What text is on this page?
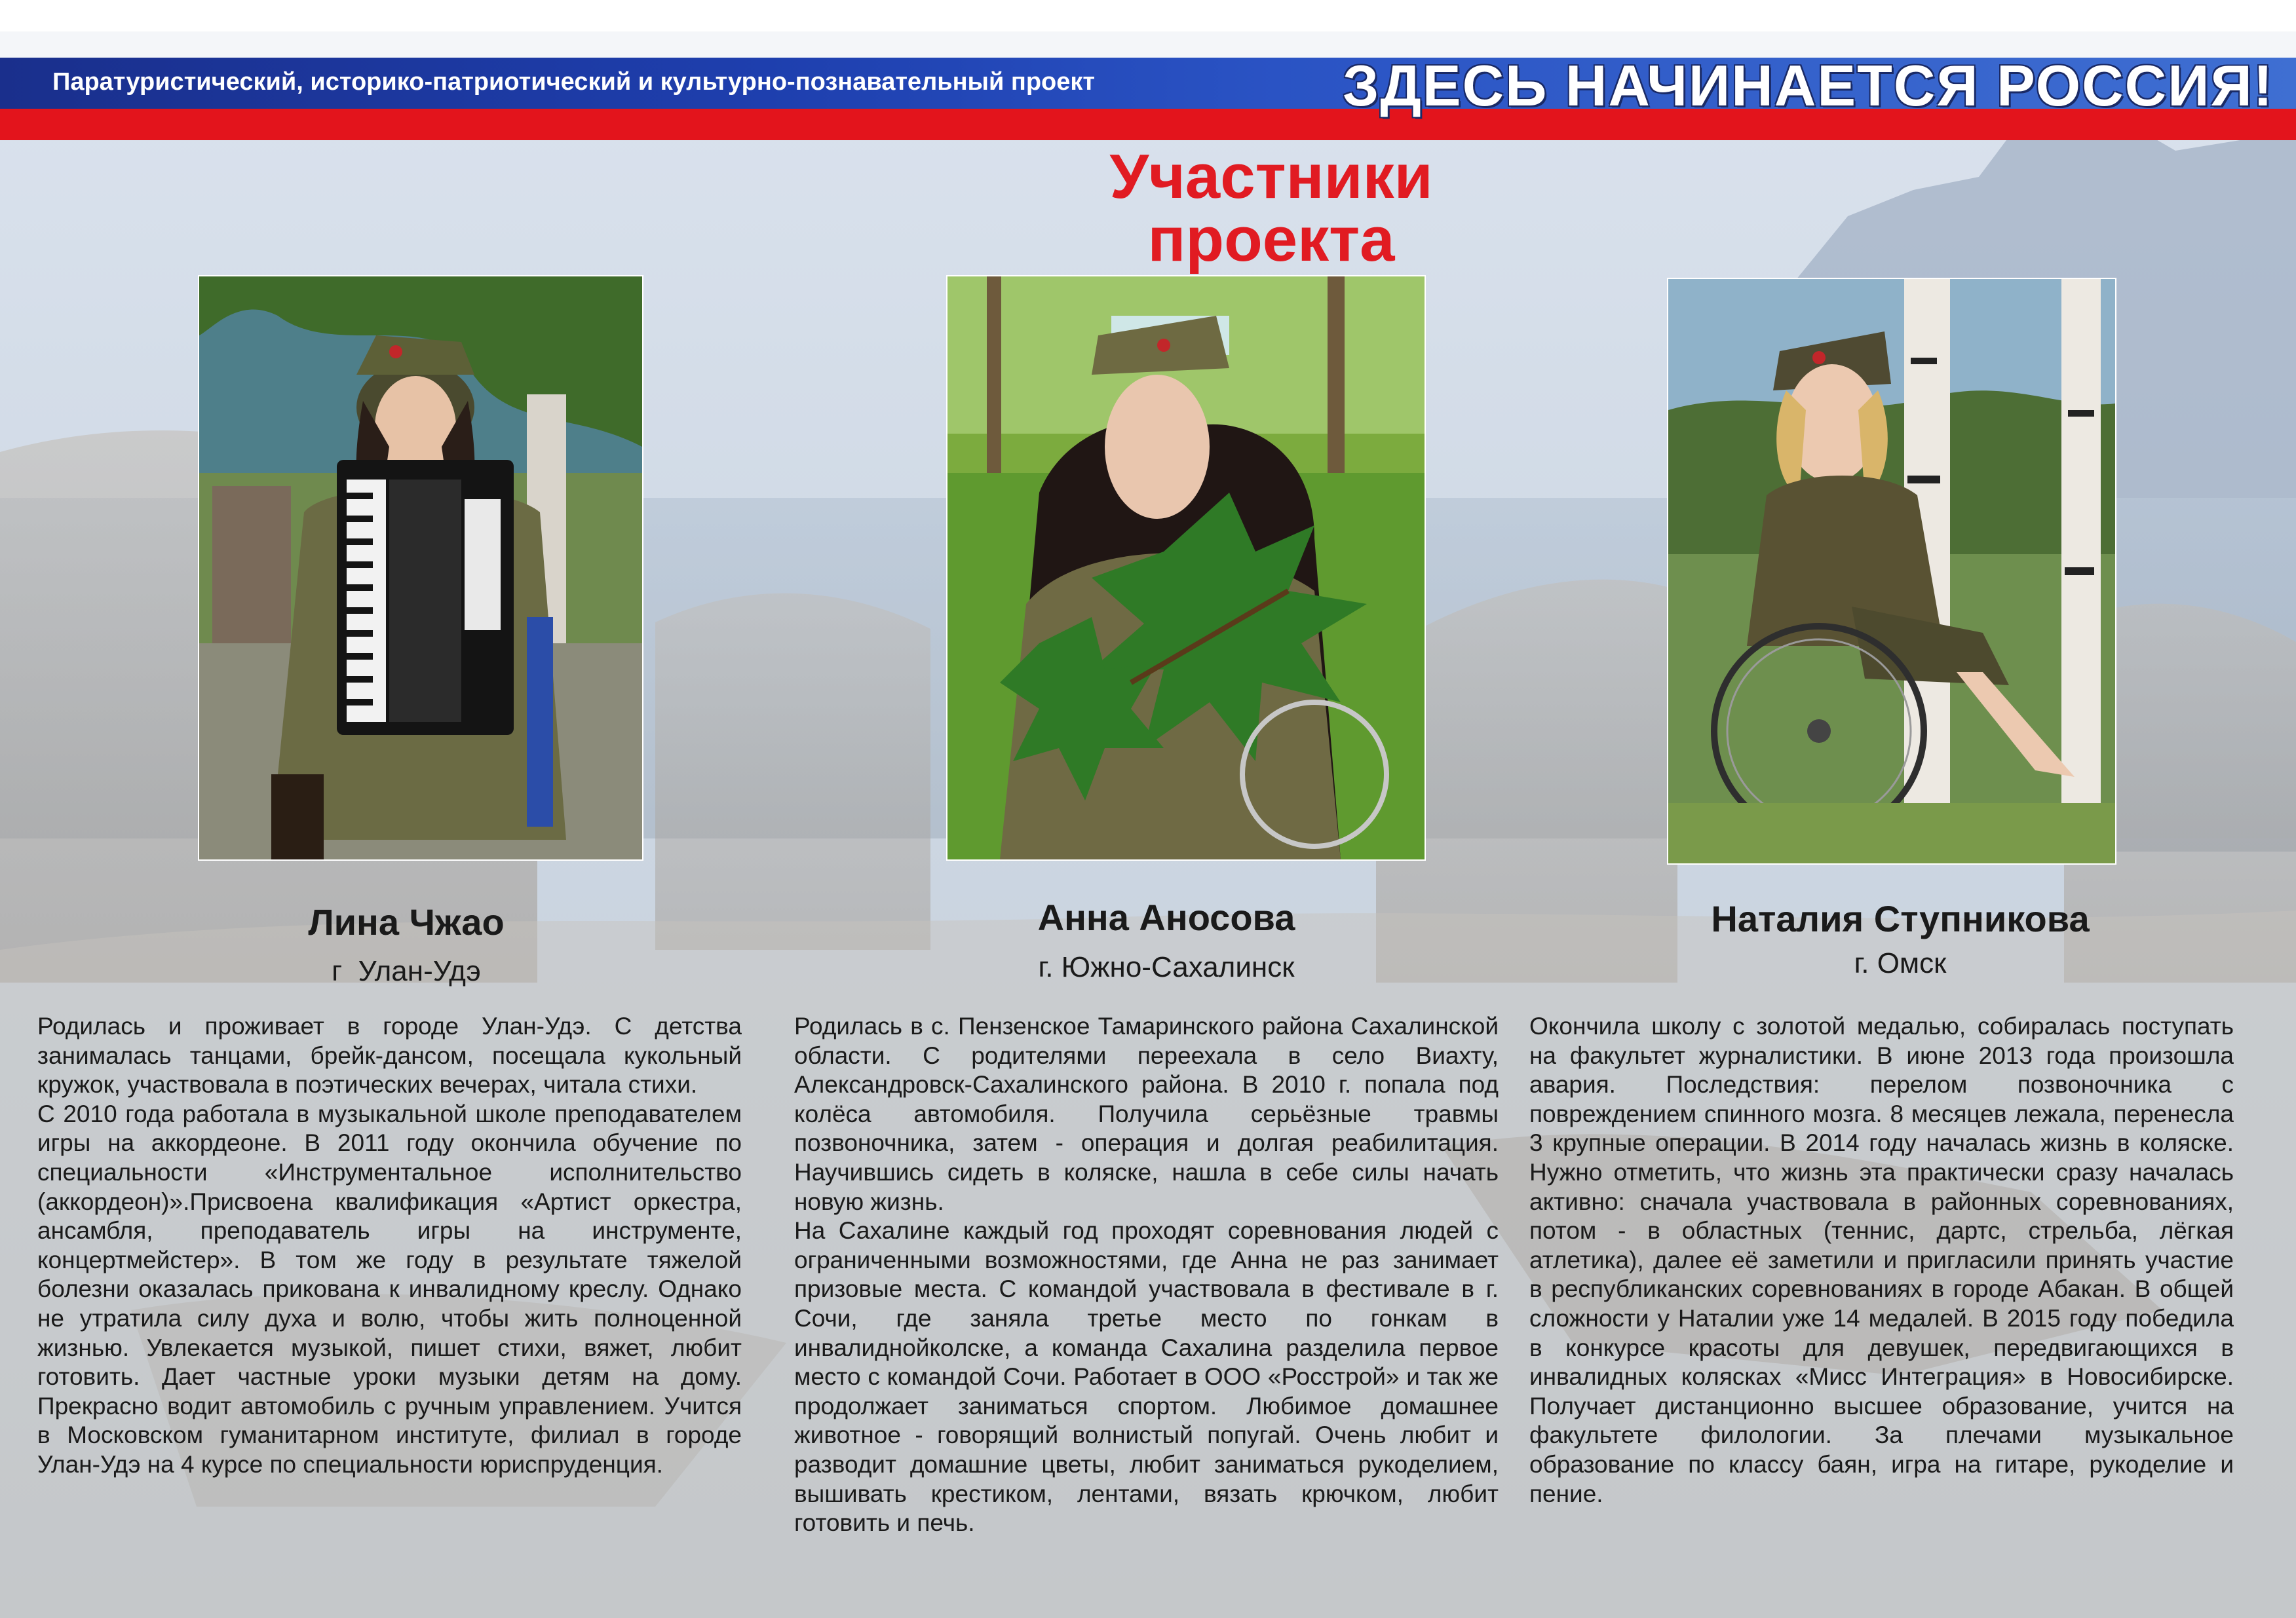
Паратуристический, историко-патриотический и культурно-познавательный проект	ЗДЕСЬ НАЧИНАЕТСЯ РОССИЯ!
Участники
проекта
Лина Чжао
г  Улан-Удэ

Родилась и проживает в городе Улан-Удэ. С детства занималась танцами, брейк-дансом, посещала кукольный кружок, участвовала в поэтических вечерах, читала стихи.

С 2010 года работала в музыкальной школе преподавателем игры на аккордеоне. В 2011 году окончила обучение по специальности «Инструментальное исполнительство (аккордеон)».Присвоена квалификация «Артист оркестра, ансамбля, преподаватель игры на инструменте, концертмейстер». В том же году в результате тяжелой болезни оказалась прикована к инвалидному креслу. Однако не утратила силу духа и волю, чтобы жить полноценной жизнью. Увлекается музыкой, пишет стихи, вяжет, любит готовить. Дает частные уроки музыки детям на дому. Прекрасно водит автомобиль с ручным управлением. Учится в Московском гуманитарном институте, филиал в городе Улан-Удэ на 4 курсе по специальности юриспруденция.

Анна Аносова
г. Южно-Сахалинск

Родилась в с. Пензенское Тамаринского района Сахалинской области. С родителями переехала в село Виахту, Александровск-Сахалинского района. В 2010 г. попала под колёса автомобиля. Получила серьёзные травмы позвоночника, затем - операция и долгая реабилитация. Научившись сидеть в коляске, нашла в себе силы начать новую жизнь.

На Сахалине каждый год проходят соревнования людей с ограниченными возможностями, где Анна не раз занимает призовые места. С командой участвовала в фестивале в г. Сочи, где заняла третье место по гонкам в инвалиднойколске, а команда Сахалина разделила первое место с командой Сочи. Работает в ООО «Росстрой» и так же продолжает заниматься спортом. Любимое домашнее животное - говорящий волнистый попугай. Очень любит и разводит домашние цветы, любит заниматься рукоделием, вышивать крестиком, лентами, вязать крючком, любит готовить и печь.

Наталия Ступникова
г. Омск

Окончила школу с золотой медалью, собиралась поступать на факультет журналистики. В июне 2013 года произошла авария. Последствия: перелом позвоночника с повреждением спинного мозга. 8 месяцев лежала, перенесла 3 крупные операции. В 2014 году началась жизнь в коляске. Нужно отметить, что жизнь эта практически сразу началась активно: сначала участвовала в районных соревнованиях, потом - в областных (теннис, дартс, стрельба, лёгкая атлетика), далее её заметили и пригласили принять участие в республиканских соревнованиях в городе Абакан. В общей сложности у Наталии уже 14 медалей. В 2015 году победила в конкурсе красоты для девушек, передвигающихся в инвалидных колясках «Мисс Интеграция» в Новосибирске. Получает дистанционно высшее образование, учится на факультете филологии. За плечами музыкальное образование по классу баян, игра на гитаре, рукоделие и пение.
